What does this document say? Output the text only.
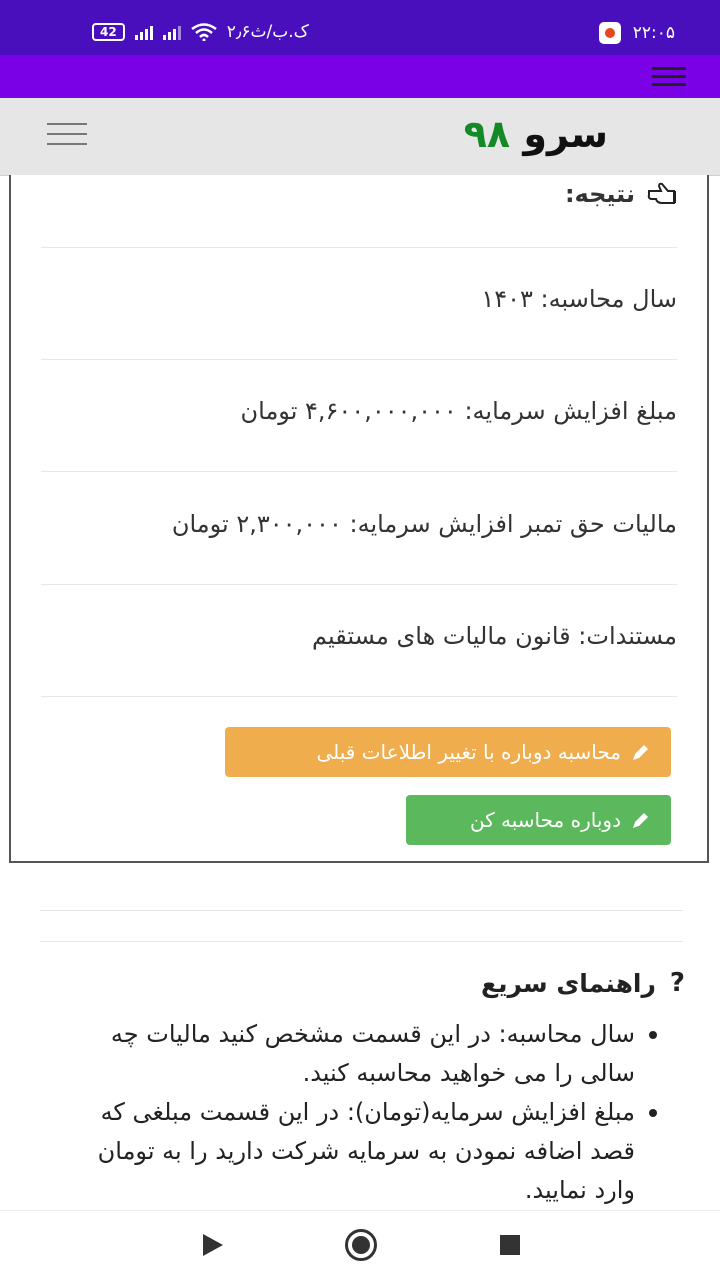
42	۲٫۶ک.ب/ث	۲۲:۰۵
سرو ۹۸
نتیجه:
سال محاسبه: ۱۴۰۳
مبلغ افزایش سرمایه: ۴,۶۰۰,۰۰۰,۰۰۰ تومان
مالیات حق تمبر افزایش سرمایه: ۲,۳۰۰,۰۰۰ تومان
مستندات: قانون مالیات های مستقیم
محاسبه دوباره با تغییر اطلاعات قبلی
دوباره محاسبه کن
?
راهنمای سریع
سال محاسبه: در این قسمت مشخص کنید مالیات چه سالی را می خواهید محاسبه کنید.
مبلغ افزایش سرمایه(تومان): در این قسمت مبلغی که قصد اضافه نمودن به سرمایه شرکت دارید را به تومان وارد نمایید.
